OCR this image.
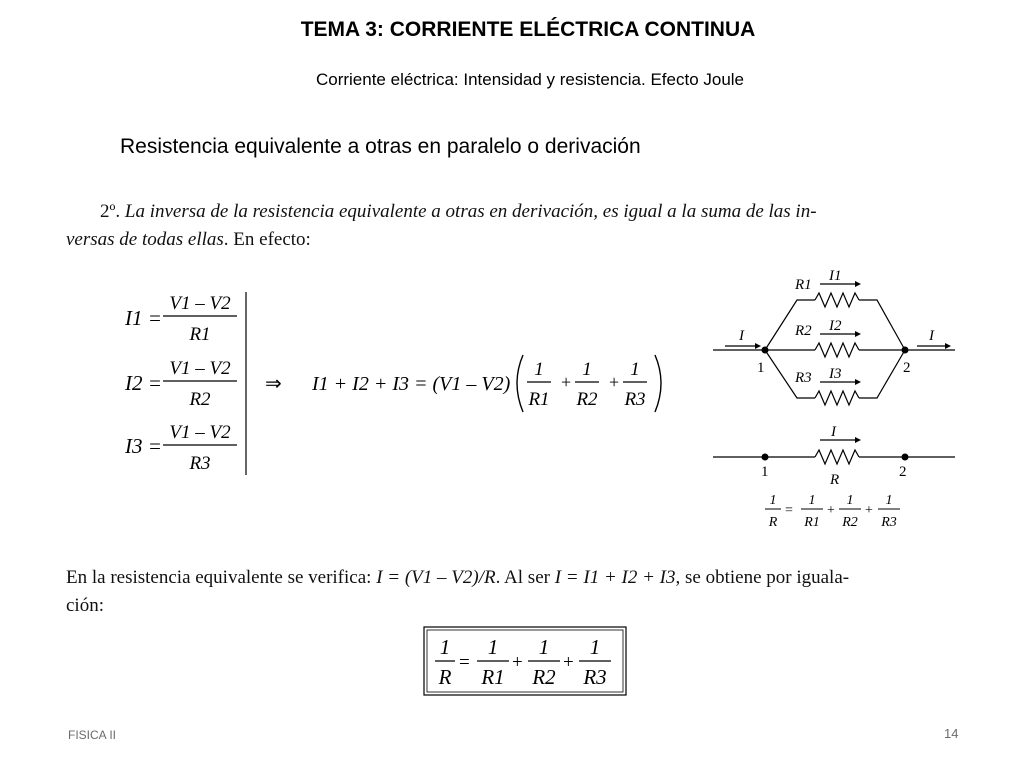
TEMA 3: CORRIENTE ELÉCTRICA CONTINUA
Corriente eléctrica: Intensidad y resistencia. Efecto Joule
Resistencia equivalente a otras en paralelo o derivación
2º. La inversa de la resistencia equivalente a otras en derivación, es igual a la suma de las in-
versas de todas ellas. En efecto:
I1 =
V1 – V2
R1
I2 =
V1 – V2
R2
I3 =
V1 – V2
R3
⇒ I1 + I2 + I3 = (V1 – V2)
1
R1
+
1
R2
+
1
R3
R1
I1
R2 I2
R3 I3
I	I
I
R
1	2
1	2
1
R
=
1
R1
+
1
R2
+
1
R3
En la resistencia equivalente se verifica: I = (V1 – V2)/R. Al ser I = I1 + I2 + I3, se obtiene por iguala-
ción:
1
R
=
1
R1
+
1
R2
+
1
R3
FISICA II	14
